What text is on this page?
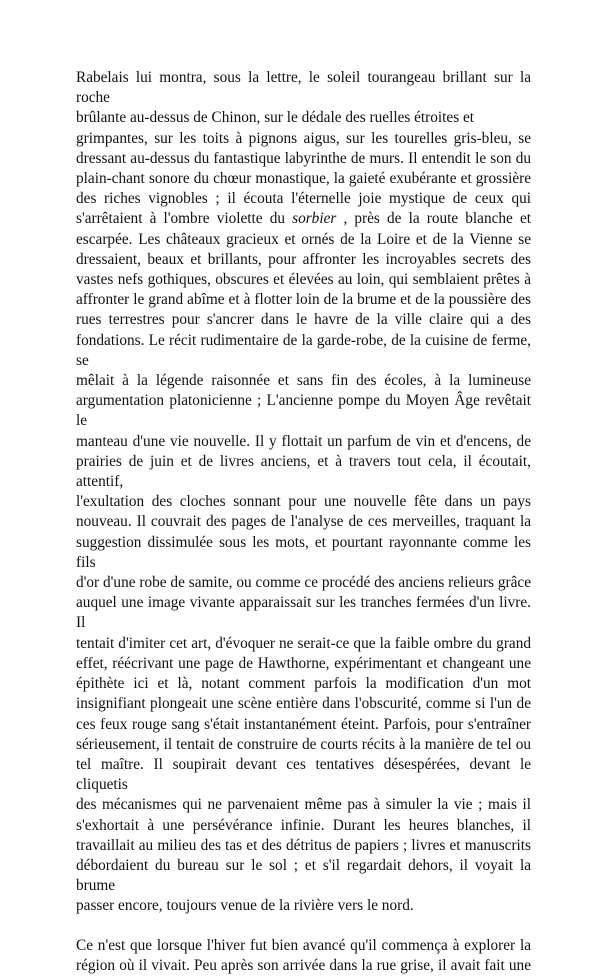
Rabelais lui montra, sous la lettre, le soleil tourangeau brillant sur la roche
brûlante au-dessus de Chinon, sur le dédale des ruelles étroites et
grimpantes, sur les toits à pignons aigus, sur les tourelles gris-bleu, se
dressant au-dessus du fantastique labyrinthe de murs. Il entendit le son du
plain-chant sonore du chœur monastique, la gaieté exubérante et grossière
des riches vignobles ; il écouta l'éternelle joie mystique de ceux qui
s'arrêtaient à l'ombre violette du sorbier , près de la route blanche et
escarpée. Les châteaux gracieux et ornés de la Loire et de la Vienne se
dressaient, beaux et brillants, pour affronter les incroyables secrets des
vastes nefs gothiques, obscures et élevées au loin, qui semblaient prêtes à
affronter le grand abîme et à flotter loin de la brume et de la poussière des
rues terrestres pour s'ancrer dans le havre de la ville claire qui a des
fondations. Le récit rudimentaire de la garde-robe, de la cuisine de ferme, se
mêlait à la légende raisonnée et sans fin des écoles, à la lumineuse
argumentation platonicienne ; L'ancienne pompe du Moyen Âge revêtait le
manteau d'une vie nouvelle. Il y flottait un parfum de vin et d'encens, de
prairies de juin et de livres anciens, et à travers tout cela, il écoutait, attentif,
l'exultation des cloches sonnant pour une nouvelle fête dans un pays
nouveau. Il couvrait des pages de l'analyse de ces merveilles, traquant la
suggestion dissimulée sous les mots, et pourtant rayonnante comme les fils
d'or d'une robe de samite, ou comme ce procédé des anciens relieurs grâce
auquel une image vivante apparaissait sur les tranches fermées d'un livre. Il
tentait d'imiter cet art, d'évoquer ne serait-ce que la faible ombre du grand
effet, réécrivant une page de Hawthorne, expérimentant et changeant une
épithète ici et là, notant comment parfois la modification d'un mot
insignifiant plongeait une scène entière dans l'obscurité, comme si l'un de
ces feux rouge sang s'était instantanément éteint. Parfois, pour s'entraîner
sérieusement, il tentait de construire de courts récits à la manière de tel ou
tel maître. Il soupirait devant ces tentatives désespérées, devant le cliquetis
des mécanismes qui ne parvenaient même pas à simuler la vie ; mais il
s'exhortait à une persévérance infinie. Durant les heures blanches, il
travaillait au milieu des tas et des détritus de papiers ; livres et manuscrits
débordaient du bureau sur le sol ; et s'il regardait dehors, il voyait la brume
passer encore, toujours venue de la rivière vers le nord.

Ce n'est que lorsque l'hiver fut bien avancé qu'il commença à explorer la
région où il vivait. Peu après son arrivée dans la rue grise, il avait fait une
